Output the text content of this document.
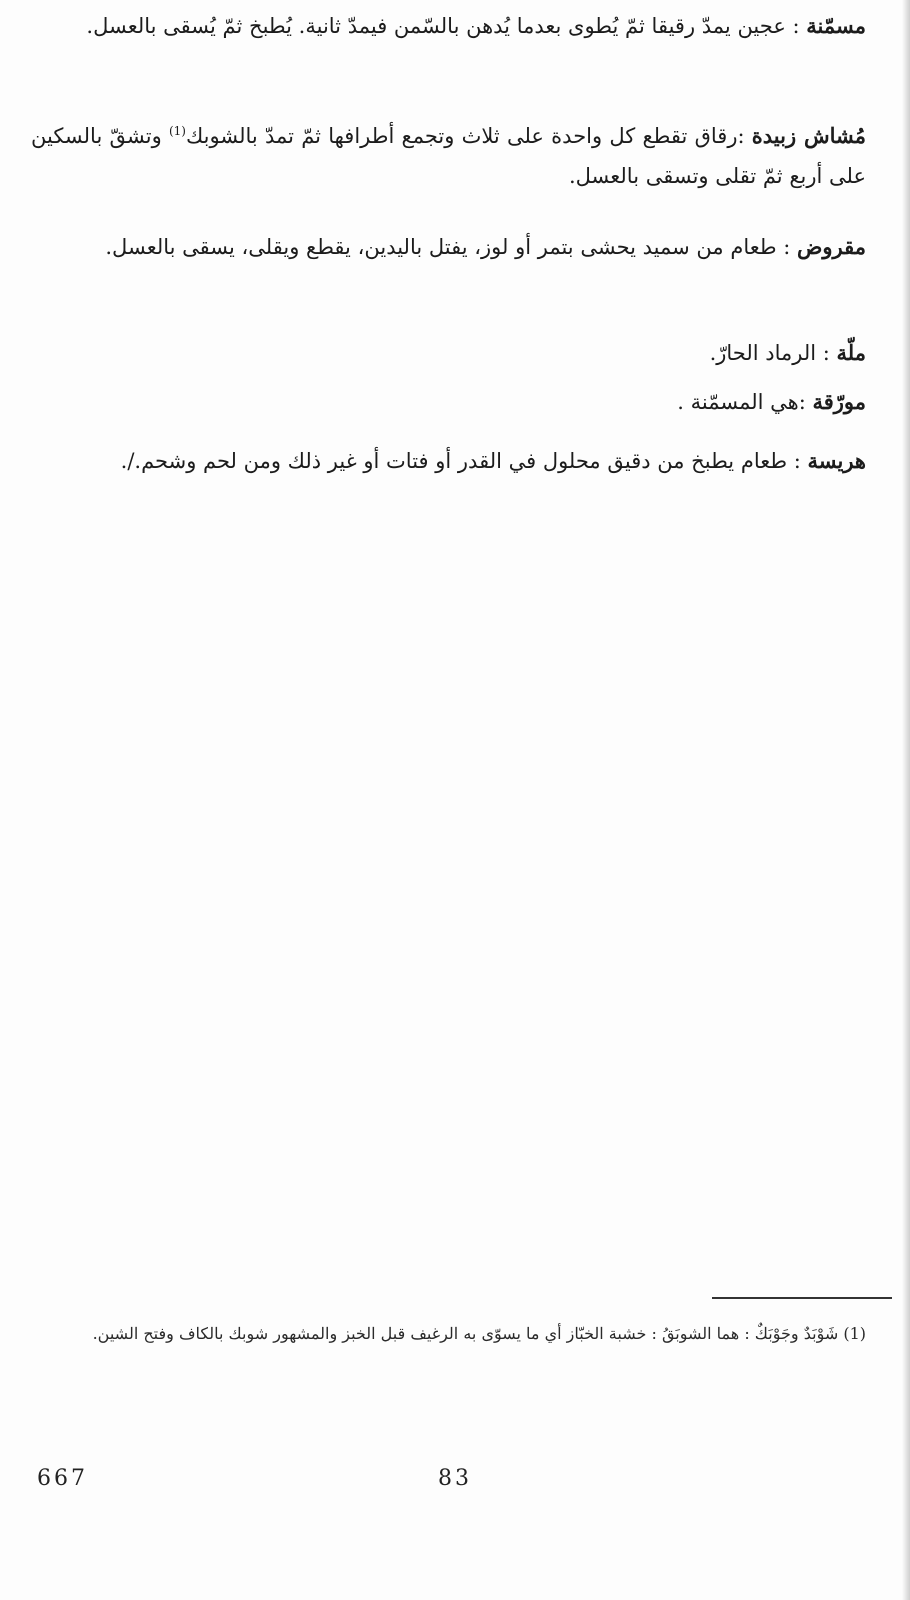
مسمّنة : عجين يمدّ رقيقا ثمّ يُطوى بعدما يُدهن بالسّمن فيمدّ ثانية. يُطبخ ثمّ يُسقى بالعسل.

مُشاش زبيدة :رقاق تقطع كل واحدة على ثلاث وتجمع أطرافها ثمّ تمدّ بالشوبك$^{(1)}$ وتشقّ بالسكين على أربع ثمّ تقلى وتسقى بالعسل.

مقروض : طعام من سميد يحشى بتمر أو لوز، يفتل باليدين، يقطع ويقلى، يسقى بالعسل.

ملّة : الرماد الحارّ.

مورّقة :هي المسمّنة .

هريسة : طعام يطبخ من دقيق محلول في القدر أو فتات أو غير ذلك ومن لحم وشحم./.

(1) شَوْبَدٌ وجَوْبَكٌ : هما الشوبَقُ : خشبة الخبّاز أي ما يسوّى به الرغيف قبل الخبز والمشهور شوبك بالكاف وفتح الشين.

667	83
